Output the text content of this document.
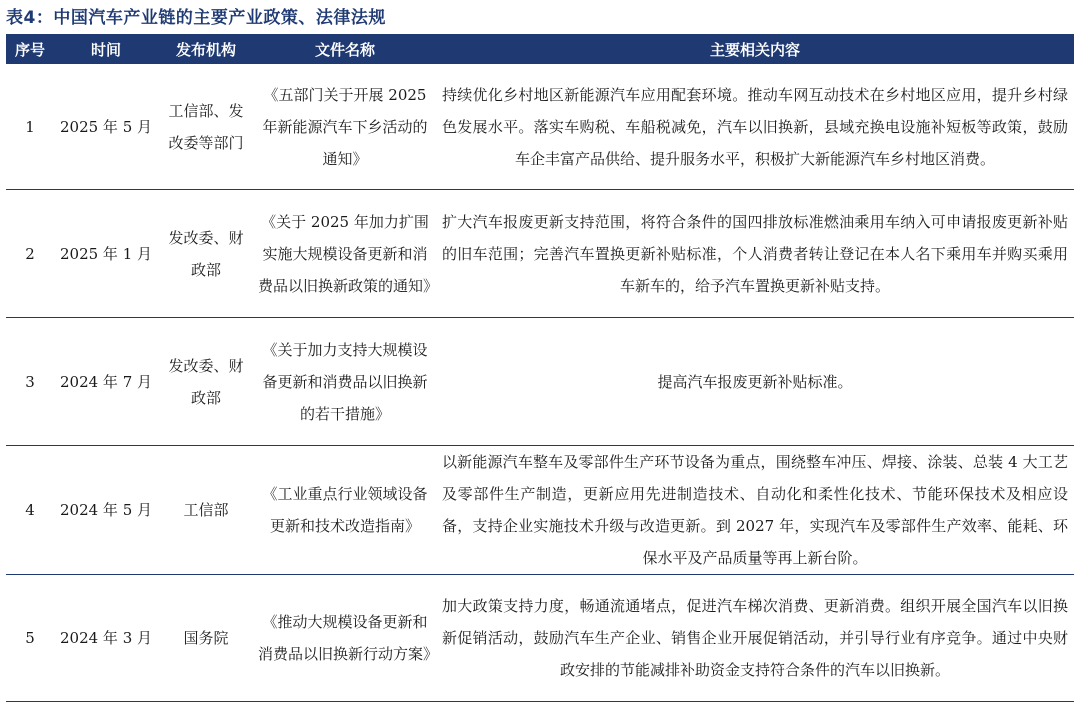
表4：中国汽车产业链的主要产业政策、法律法规
序号	时间	发布机构	文件名称	主要相关内容
1	2025 年 5 月	工信部、发改委等部门	《五部门关于开展 2025 年新能源汽车下乡活动的通知》	持续优化乡村地区新能源汽车应用配套环境。推动车网互动技术在乡村地区应用，提升乡村绿色发展水平。落实车购税、车船税减免，汽车以旧换新，县域充换电设施补短板等政策，鼓励车企丰富产品供给、提升服务水平，积极扩大新能源汽车乡村地区消费。
2	2025 年 1 月	发改委、财政部	《关于 2025 年加力扩围实施大规模设备更新和消费品以旧换新政策的通知》	扩大汽车报废更新支持范围，将符合条件的国四排放标准燃油乘用车纳入可申请报废更新补贴的旧车范围；完善汽车置换更新补贴标准，个人消费者转让登记在本人名下乘用车并购买乘用车新车的，给予汽车置换更新补贴支持。
3	2024 年 7 月	发改委、财政部	《关于加力支持大规模设备更新和消费品以旧换新的若干措施》	提高汽车报废更新补贴标准。
4	2024 年 5 月	工信部	《工业重点行业领域设备更新和技术改造指南》	以新能源汽车整车及零部件生产环节设备为重点，围绕整车冲压、焊接、涂装、总装 4 大工艺及零部件生产制造，更新应用先进制造技术、自动化和柔性化技术、节能环保技术及相应设备，支持企业实施技术升级与改造更新。到 2027 年，实现汽车及零部件生产效率、能耗、环保水平及产品质量等再上新台阶。
5	2024 年 3 月	国务院	《推动大规模设备更新和消费品以旧换新行动方案》	加大政策支持力度，畅通流通堵点，促进汽车梯次消费、更新消费。组织开展全国汽车以旧换新促销活动，鼓励汽车生产企业、销售企业开展促销活动，并引导行业有序竞争。通过中央财政安排的节能减排补助资金支持符合条件的汽车以旧换新。
